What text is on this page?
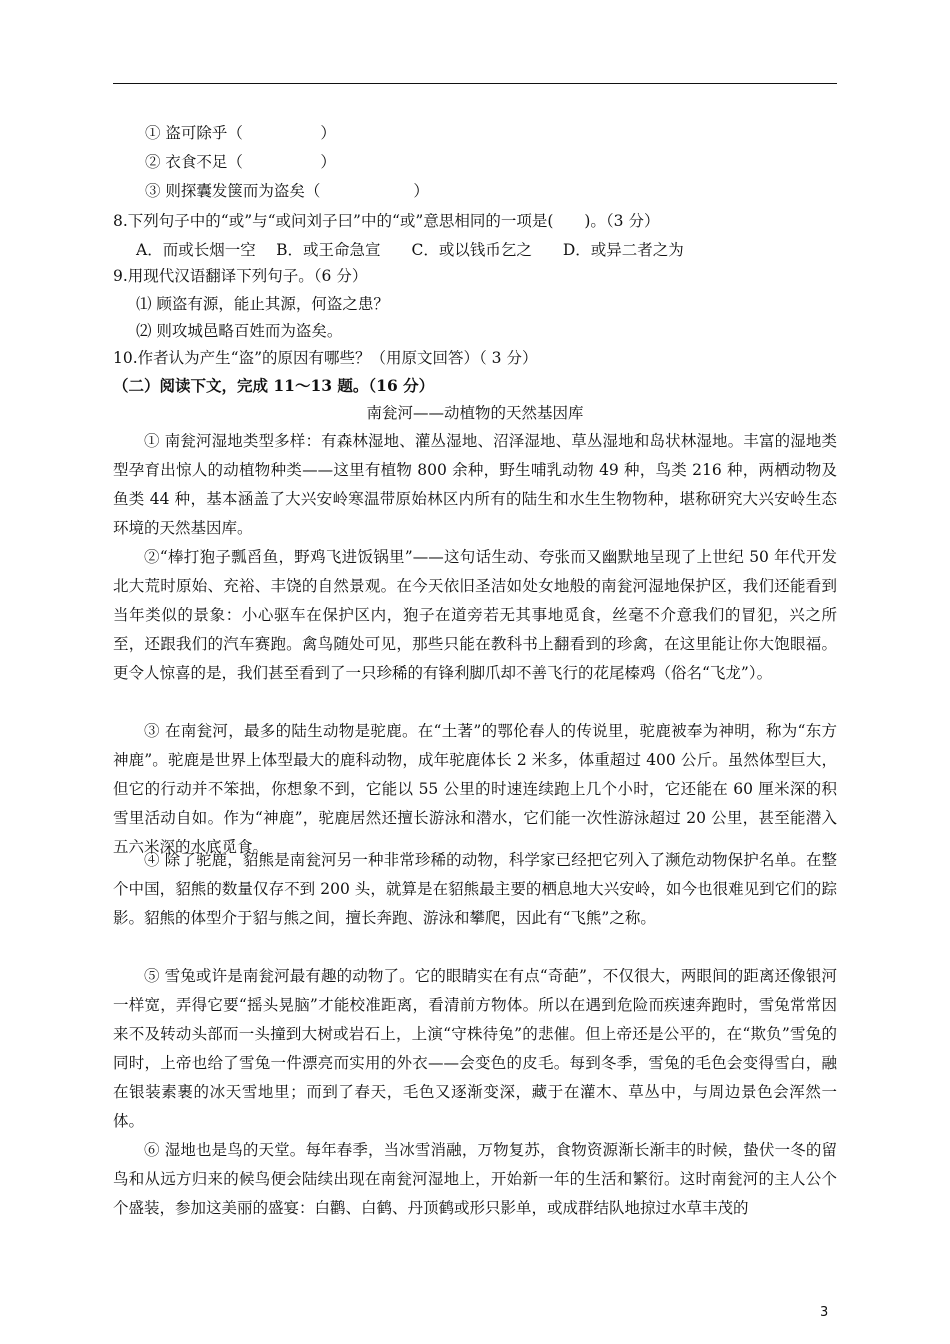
① 盗可除乎（　　　　　）
② 衣食不足（　　　　　）
③ 则探囊发箧而为盗矣（　　　　　　）
8.下列句子中的“或”与“或问刘子曰”中的“或”意思相同的一项是(　　)。（3 分）
A．而或长烟一空　 B．或王命急宣　　C．或以钱币乞之　　D．或异二者之为
9.用现代汉语翻译下列句子。（6 分）
⑴ 顾盗有源，能止其源，何盗之患？
⑵ 则攻城邑略百姓而为盗矣。
10.作者认为产生“盗”的原因有哪些？（用原文回答）（ 3 分）
（二）阅读下文，完成 11～13 题。（16 分）
南瓮河——动植物的天然基因库
① 南瓮河湿地类型多样：有森林湿地、灌丛湿地、沼泽湿地、草丛湿地和岛状林湿地。丰富的湿地类型孕育出惊人的动植物种类——这里有植物 800 余种，野生哺乳动物 49 种，鸟类 216 种，两栖动物及鱼类 44 种，基本涵盖了大兴安岭寒温带原始林区内所有的陆生和水生生物物种，堪称研究大兴安岭生态环境的天然基因库。
②“棒打狍子瓢舀鱼，野鸡飞进饭锅里”——这句话生动、夸张而又幽默地呈现了上世纪 50 年代开发北大荒时原始、充裕、丰饶的自然景观。在今天依旧圣洁如处女地般的南瓮河湿地保护区，我们还能看到当年类似的景象：小心驱车在保护区内，狍子在道旁若无其事地觅食，丝毫不介意我们的冒犯，兴之所至，还跟我们的汽车赛跑。禽鸟随处可见，那些只能在教科书上翻看到的珍禽，在这里能让你大饱眼福。更令人惊喜的是，我们甚至看到了一只珍稀的有锋利脚爪却不善飞行的花尾榛鸡（俗名“飞龙”）。
③ 在南瓮河，最多的陆生动物是驼鹿。在“土著”的鄂伦春人的传说里，驼鹿被奉为神明，称为“东方神鹿”。驼鹿是世界上体型最大的鹿科动物，成年驼鹿体长 2 米多，体重超过 400 公斤。虽然体型巨大，但它的行动并不笨拙，你想象不到，它能以 55 公里的时速连续跑上几个小时，它还能在 60 厘米深的积雪里活动自如。作为“神鹿”，驼鹿居然还擅长游泳和潜水，它们能一次性游泳超过 20 公里，甚至能潜入五六米深的水底觅食。
④ 除了驼鹿，貂熊是南瓮河另一种非常珍稀的动物，科学家已经把它列入了濒危动物保护名单。在整个中国，貂熊的数量仅存不到 200 头，就算是在貂熊最主要的栖息地大兴安岭，如今也很难见到它们的踪影。貂熊的体型介于貂与熊之间，擅长奔跑、游泳和攀爬，因此有“飞熊”之称。
⑤ 雪兔或许是南瓮河最有趣的动物了。它的眼睛实在有点“奇葩”，不仅很大，两眼间的距离还像银河一样宽，弄得它要“摇头晃脑”才能校准距离，看清前方物体。所以在遇到危险而疾速奔跑时，雪兔常常因来不及转动头部而一头撞到大树或岩石上，上演“守株待兔”的悲催。但上帝还是公平的，在“欺负”雪兔的同时，上帝也给了雪兔一件漂亮而实用的外衣——会变色的皮毛。每到冬季，雪兔的毛色会变得雪白，融在银装素裹的冰天雪地里；而到了春天，毛色又逐渐变深，藏于在灌木、草丛中，与周边景色会浑然一体。
⑥ 湿地也是鸟的天堂。每年春季，当冰雪消融，万物复苏，食物资源渐长渐丰的时候，蛰伏一冬的留鸟和从远方归来的候鸟便会陆续出现在南瓮河湿地上，开始新一年的生活和繁衍。这时南瓮河的主人公个个盛装，参加这美丽的盛宴：白鹳、白鹤、丹顶鹤或形只影单，或成群结队地掠过水草丰茂的
3
